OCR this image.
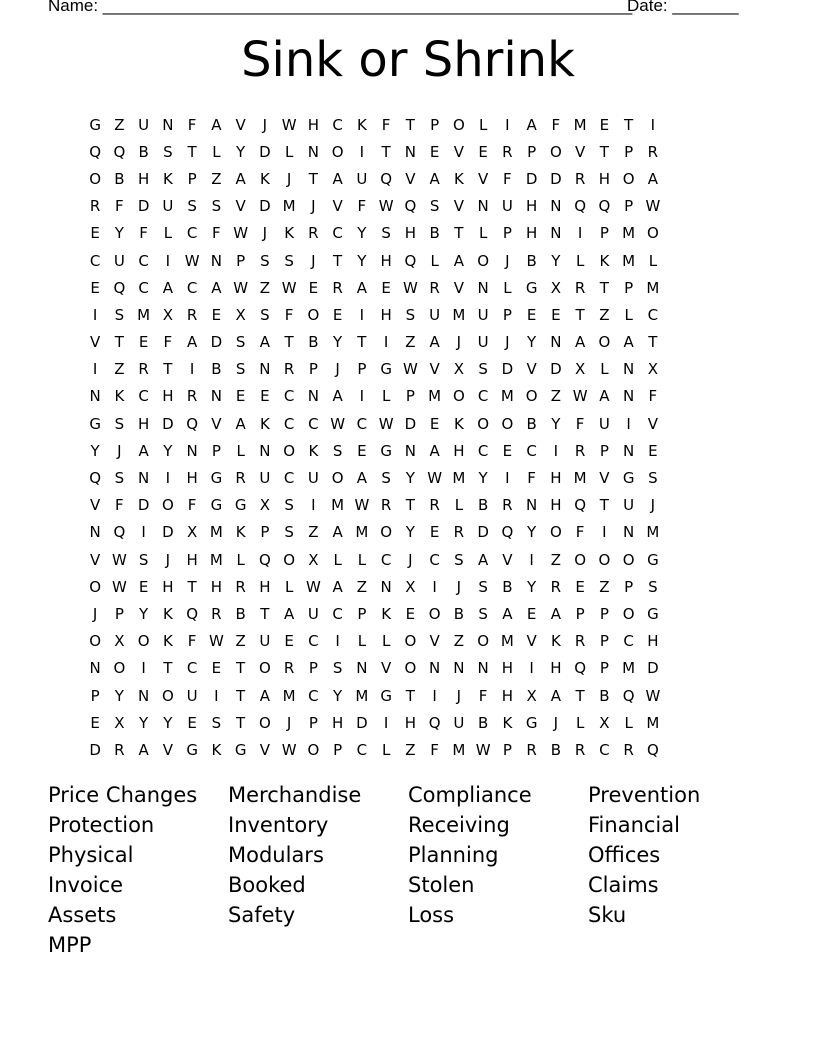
Name: ________________________________________________________
Date: _______
Sink or Shrink
G Z U N F A V	J W H C K	F	T	P O L	I	A F M E T	I
Q Q B S T	L	Y D L N O	I	T N E V E R P O V T	P R
O B H K P Z A K	J	T A U Q V A K V F D D R H O A
R F D U S S V D M	J	V F W Q S V N U H N Q Q P W
E Y	F	L C F W J	K R C Y S H B T	L	P H N	I	P M O
C U C	I W N P S S	J	T	Y H Q L A O	J	B Y	L	K M L
E Q C A C A W Z W E R A E W R V N L G X R T	P M
I	S M X R E X S	F O E	I	H S U M U P E E T Z L C
V T E	F A D S A T B Y	T	I	Z A	J	U	J	Y N A O A T
I	Z R T	I	B S N R P	J	P G W V X S D V D X L N X
N K C H R N E E C N A	I	L	P M O C M O Z W A N F
G S H D Q V A K C C W C W D E K O O B Y	F U	I	V
Y	J	A Y N P	L N O K S E G N A H C E C	I	R P N E
Q S N	I	H G R U C U O A S Y W M Y	I	F H M V G S
V F D O F G G X S	I	M W R T R L B R N H Q T U	J
N Q	I	D X M K P S Z A M O Y E R D Q Y O F	I	N M
V W S	J	H M L Q O X L	L C	J	C S A V	I	Z O O O G
O W E H T H R H L W A Z N X	I	J	S B Y R E Z P S
J	P	Y K Q R B T A U C P K E O B S A E A P	P O G
O X O K	F W Z U E C	I	L	L O V Z O M V K R P C H
N O	I	T C E T O R P S N V O N N N H	I	H Q P M D
P	Y N O U	I	T A M C Y M G T	I	J	F H X A T B Q W
E X Y	Y E S T O	J	P H D	I	H Q U B K G	J	L X L M
D R A V G K G V W O P C L Z F M W P R B R C R Q
Price Changes	Merchandise	Compliance	Prevention
Protection	Inventory	Receiving	Financial
Physical	Modulars	Planning	Offices
Invoice	Booked	Stolen	Claims
Assets	Safety	Loss	Sku
MPP
